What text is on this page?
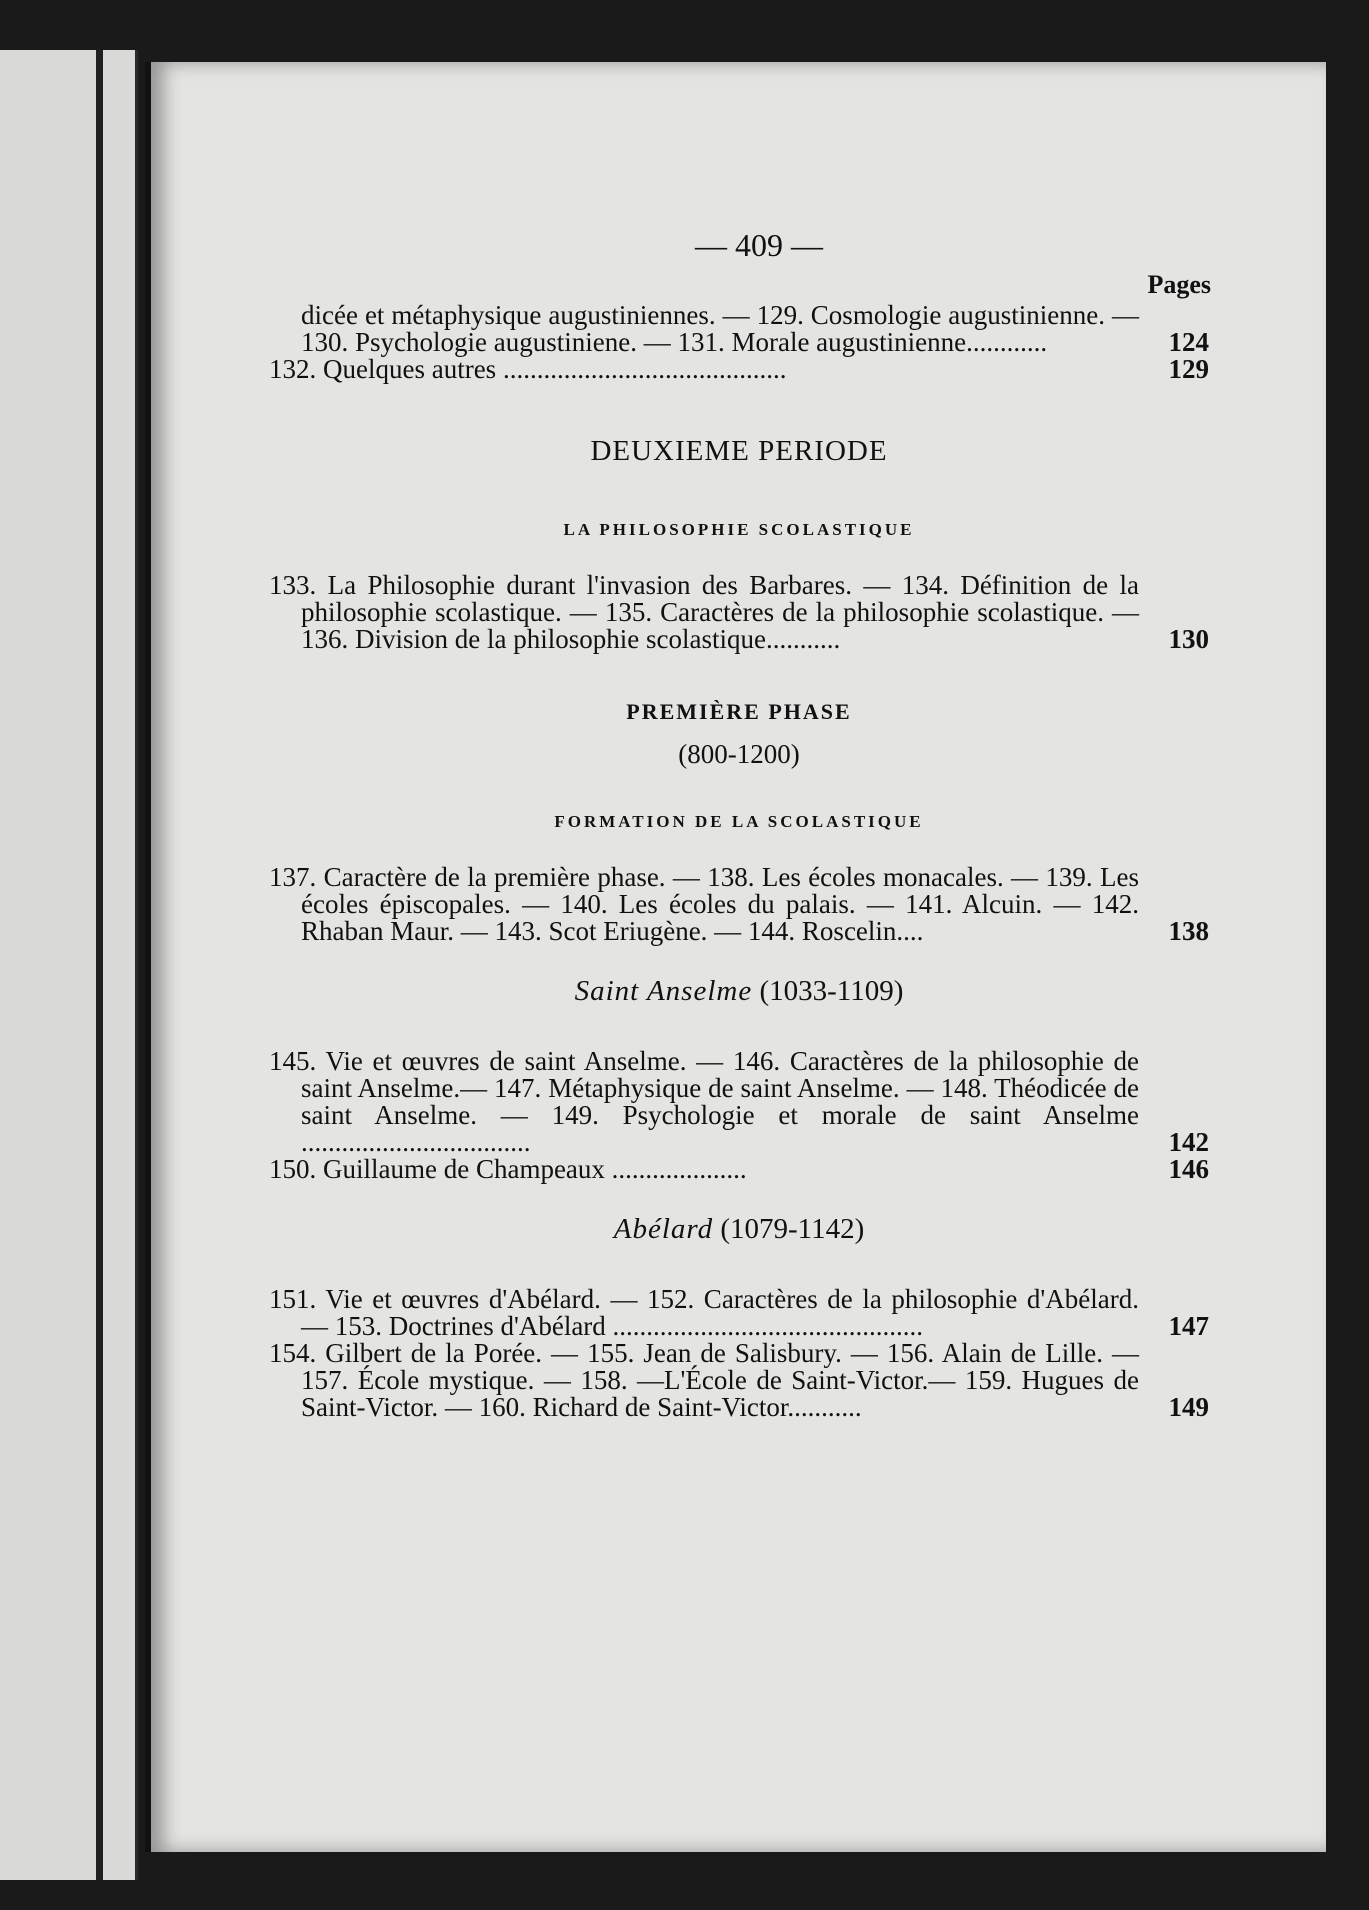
— 409 —
Pages
dicée et métaphysique augustiniennes. — 129. Cosmologie augustinienne. — 130. Psychologie augustiniene. — 131. Morale augustinienne............	124
132. Quelques autres ..........................................	129
DEUXIEME PERIODE
LA PHILOSOPHIE SCOLASTIQUE
133. La Philosophie durant l'invasion des Barbares. — 134. Définition de la philosophie scolastique. — 135. Caractères de la philosophie scolastique. — 136. Division de la philosophie scolastique...........	130
PREMIÈRE PHASE
(800-1200)
FORMATION DE LA SCOLASTIQUE
137. Caractère de la première phase. — 138. Les écoles monacales. — 139. Les écoles épiscopales. — 140. Les écoles du palais. — 141. Alcuin. — 142. Rhaban Maur. — 143. Scot Eriugène. — 144. Roscelin....	138
Saint Anselme (1033-1109)
145. Vie et œuvres de saint Anselme. — 146. Caractères de la philosophie de saint Anselme.— 147. Métaphysique de saint Anselme. — 148. Théodicée de saint Anselme. — 149. Psychologie et morale de saint Anselme ..................................	142
150. Guillaume de Champeaux ....................	146
Abélard (1079-1142)
151. Vie et œuvres d'Abélard. — 152. Caractères de la philosophie d'Abélard. — 153. Doctrines d'Abélard ..............................................	147
154. Gilbert de la Porée. — 155. Jean de Salisbury. — 156. Alain de Lille. — 157. École mystique. — 158. —L'École de Saint-Victor.— 159. Hugues de Saint-Victor. — 160. Richard de Saint-Victor...........	149
